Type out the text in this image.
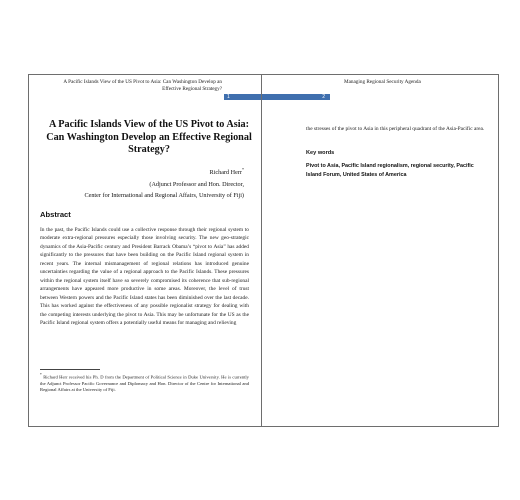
A Pacific Islands View of the US Pivot to Asia: Can Washington Develop an Effective Regional Strategy?
1
A Pacific Islands View of the US Pivot to Asia: Can Washington Develop an Effective Regional Strategy?
Richard Herr*
(Adjunct Professor and Hon. Director,
Center for International and Regional Affairs, University of Fiji)
Abstract

In the past, the Pacific Islands could use a collective response through their regional system to moderate extra-regional pressures especially those involving security. The new geo-strategic dynamics of the Asia-Pacific century and President Barrack Obama’s “pivot to Asia” has added significantly to the pressures that have been building on the Pacific Island regional system in recent years. The internal mismanagement of regional relations has introduced genuine uncertainties regarding the value of a regional approach to the Pacific Islands. These pressures within the regional system itself have so severely compromised its coherence that sub-regional arrangements have appeared more productive in some areas. Moreover, the level of trust between Western powers and the Pacific Island states has been diminished over the last decade. This has worked against the effectiveness of any possible regionalist strategy for dealing with the competing interests underlying the pivot to Asia. This may be unfortunate for the US as the Pacific Island regional system offers a potentially useful means for managing and relieving

* Richard Herr received his Ph. D from the Department of Political Science in Duke University. He is currently the Adjunct Professor Pacific Governance and Diplomacy and Hon. Director of the Centre for International and Regional Affairs at the University of Fiji.

2
Managing Regional Security Agenda

the stresses of the pivot to Asia in this peripheral quadrant of the Asia-Pacific area.

Key words

Pivot to Asia, Pacific Island regionalism, regional security, Pacific Island Forum, United States of America
